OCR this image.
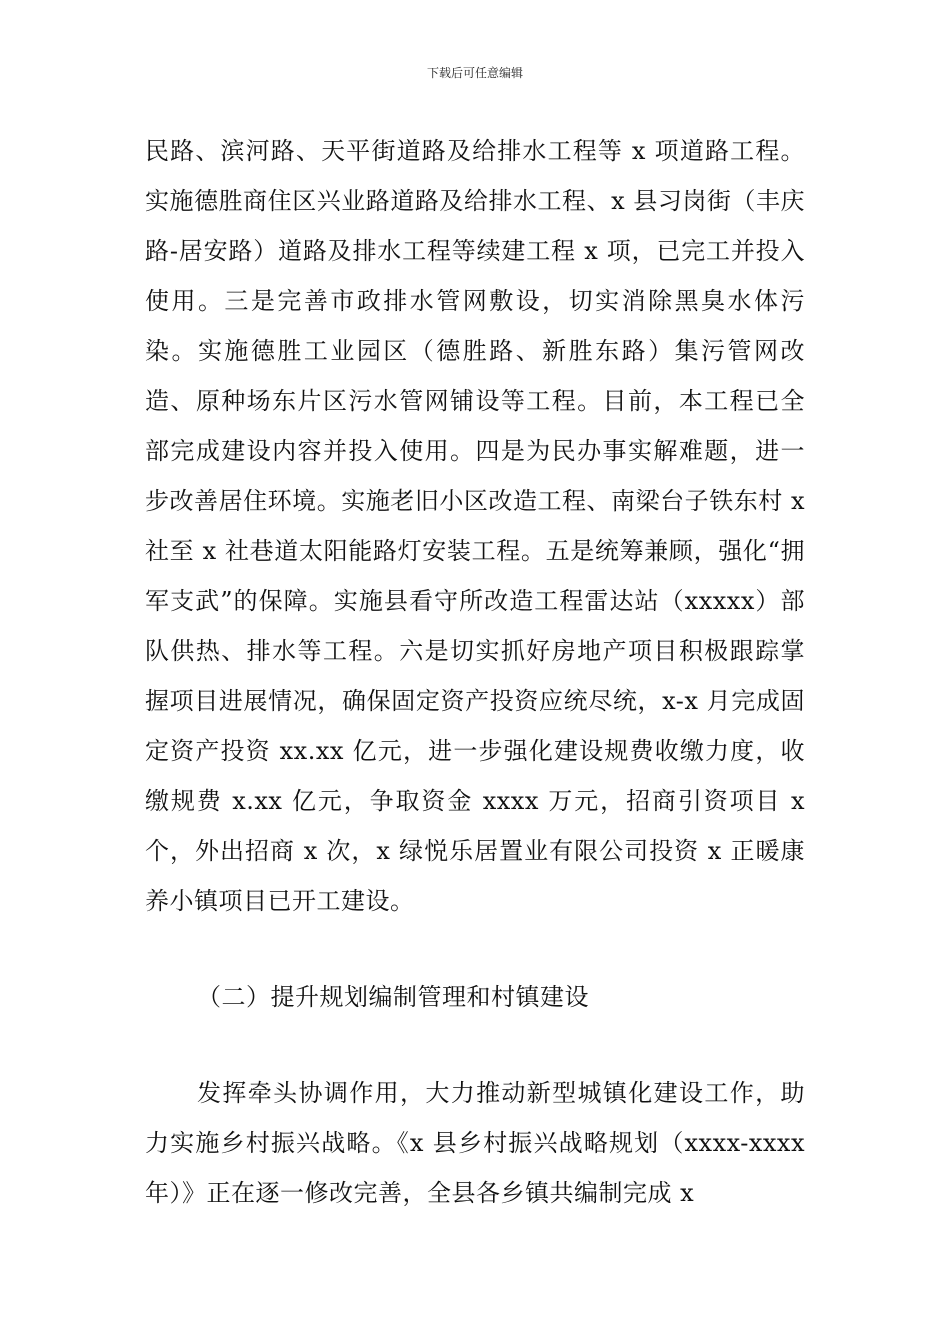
下载后可任意编辑

民路、滨河路、天平街道路及给排水工程等 x 项道路工程。实施德胜商住区兴业路道路及给排水工程、x 县习岗街（丰庆路-居安路）道路及排水工程等续建工程 x 项，已完工并投入使用。三是完善市政排水管网敷设，切实消除黑臭水体污染。实施德胜工业园区（德胜路、新胜东路）集污管网改造、原种场东片区污水管网铺设等工程。目前，本工程已全部完成建设内容并投入使用。四是为民办事实解难题，进一步改善居住环境。实施老旧小区改造工程、南梁台子铁东村 x 社至 x 社巷道太阳能路灯安装工程。五是统筹兼顾，强化“拥军支武”的保障。实施县看守所改造工程雷达站（xxxxx）部队供热、排水等工程。六是切实抓好房地产项目积极跟踪掌握项目进展情况，确保固定资产投资应统尽统，x-x 月完成固定资产投资 xx.xx 亿元，进一步强化建设规费收缴力度，收缴规费 x.xx 亿元，争取资金 xxxx 万元，招商引资项目 x 个，外出招商 x 次，x 绿悦乐居置业有限公司投资 x 正暖康养小镇项目已开工建设。

（二）提升规划编制管理和村镇建设

发挥牵头协调作用，大力推动新型城镇化建设工作，助力实施乡村振兴战略。《x 县乡村振兴战略规划（xxxx-xxxx 年）》正在逐一修改完善，全县各乡镇共编制完成 x
